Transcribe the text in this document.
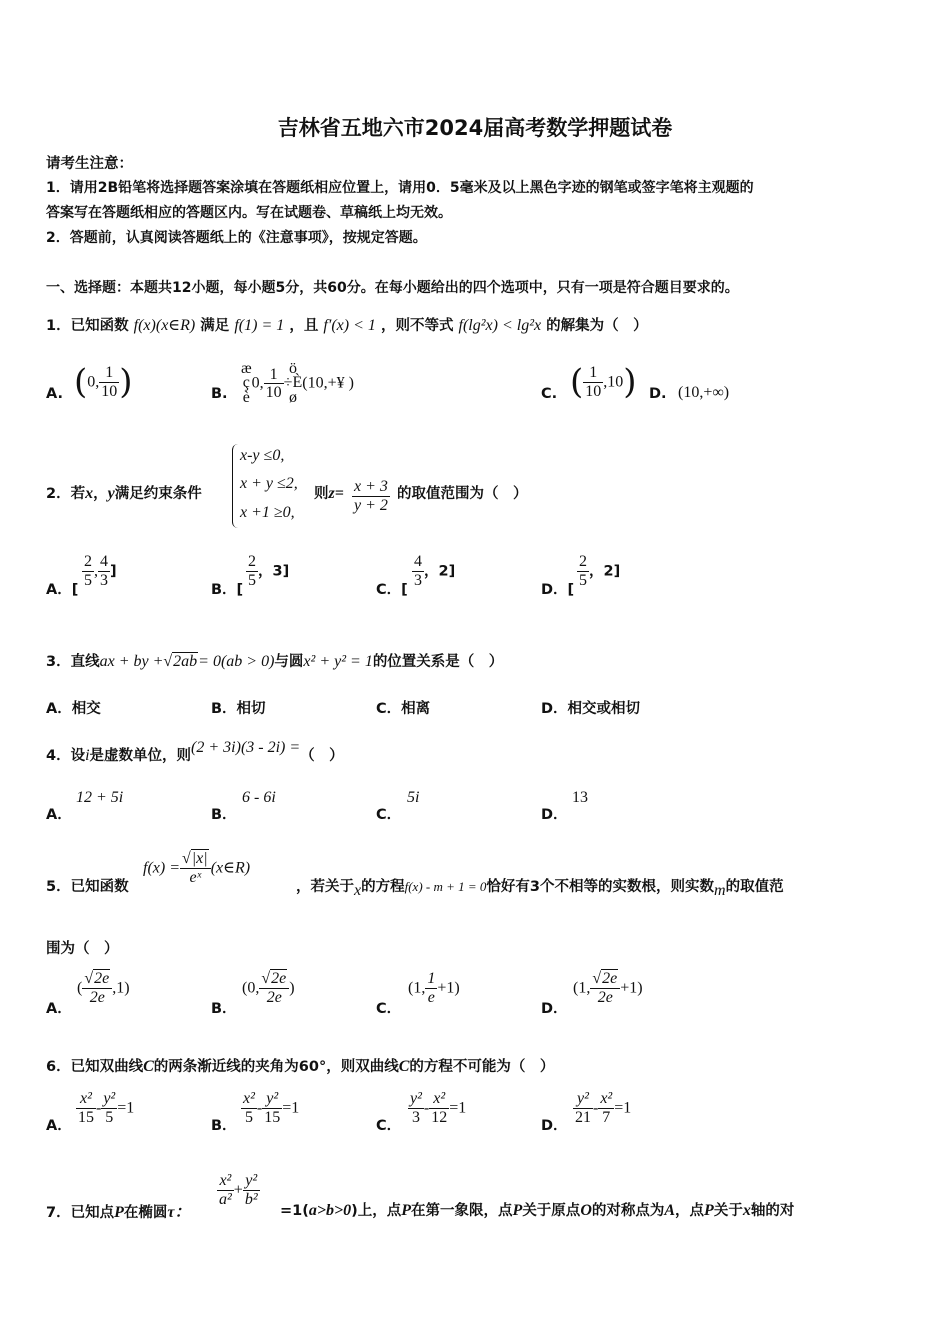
吉林省五地六市2024届高考数学押题试卷
请考生注意：
1．请用2B铅笔将选择题答案涂填在答题纸相应位置上，请用0．5毫米及以上黑色字迹的钢笔或签字笔将主观题的
答案写在答题纸相应的答题区内。写在试题卷、草稿纸上均无效。
2．答题前，认真阅读答题纸上的《注意事项》，按规定答题。
一、选择题：本题共12小题，每小题5分，共60分。在每小题给出的四个选项中，只有一项是符合题目要求的。
1．已知函数 f(x)(x∈R) 满足 f(1) = 1 ，且 f′(x) < 1 ，则不等式 f(lg²x) < lg²x 的解集为（　）
A. (0, $\frac{1}{10}$ )	B.
æ
ç
è
0, $\frac{1}{10}$ ö
÷È
ø
(10,+¥ )
C. ( $\frac{1}{10} ,10$) D. (10,+∞)
2．若x，y满足约束条件
x-y ≤0,
x + y ≤2,
x +1 ≥0,
则$z= \frac{x + 3}{y + 2}$ 的取值范围为（　）
A．[
$\frac{2}{5}$ , $\frac{4}{3}$ ]
B．[
$\frac{2}{5}$ ，3]
C．[
$\frac{4}{3}$ ，2]
D．[
$\frac{2}{5}$ ，2]
3．直线ax + by +√2ab= 0(ab > 0)与圆x² + y² = 1的位置关系是（　）
A．相交	B．相切	C．相离	D．相交或相切
4．设i是虚数单位，则(2 + 3i)(3 - 2i) =（　）
A．
12 + 5i
B．
6 - 6i
C．
5i
D．
13
5．已知函数
$f(x) = \frac{√|x|}{\text{eˣ}}$ (x∈R)
，若关于x的方程f(x) - m + 1 = 0恰好有3个不相等的实数根，则实数m的取值范
围为（　）
A．
( $\frac{√2e}{2e} ,1$)
B．
(0, $\frac{√2e}{2e}$ )
C．
(1, $\frac{1}{e} +1$)
D．
(1, $\frac{√2e}{2e} +1$)
6．已知双曲线C的两条渐近线的夹角为60°，则双曲线C的方程不可能为（　）
A． $\frac{\text{x²}}{15} - \frac{\text{y²}}{5} =1$
B． $\frac{\text{x²}}{5} - \frac{\text{y²}}{15} =1$
C． $\frac{\text{y²}}{3} - \frac{\text{x²}}{12} =1$
D． $\frac{\text{y²}}{21} - \frac{\text{x²}}{7} =1$
7．已知点P在椭圆τ：
$\frac{\text{x²}}{\text{a²}} + \frac{\text{y²}}{\text{b²}}$
=1(a>b>0)上，点P在第一象限，点P关于原点O的对称点为A，点P关于x轴的对
